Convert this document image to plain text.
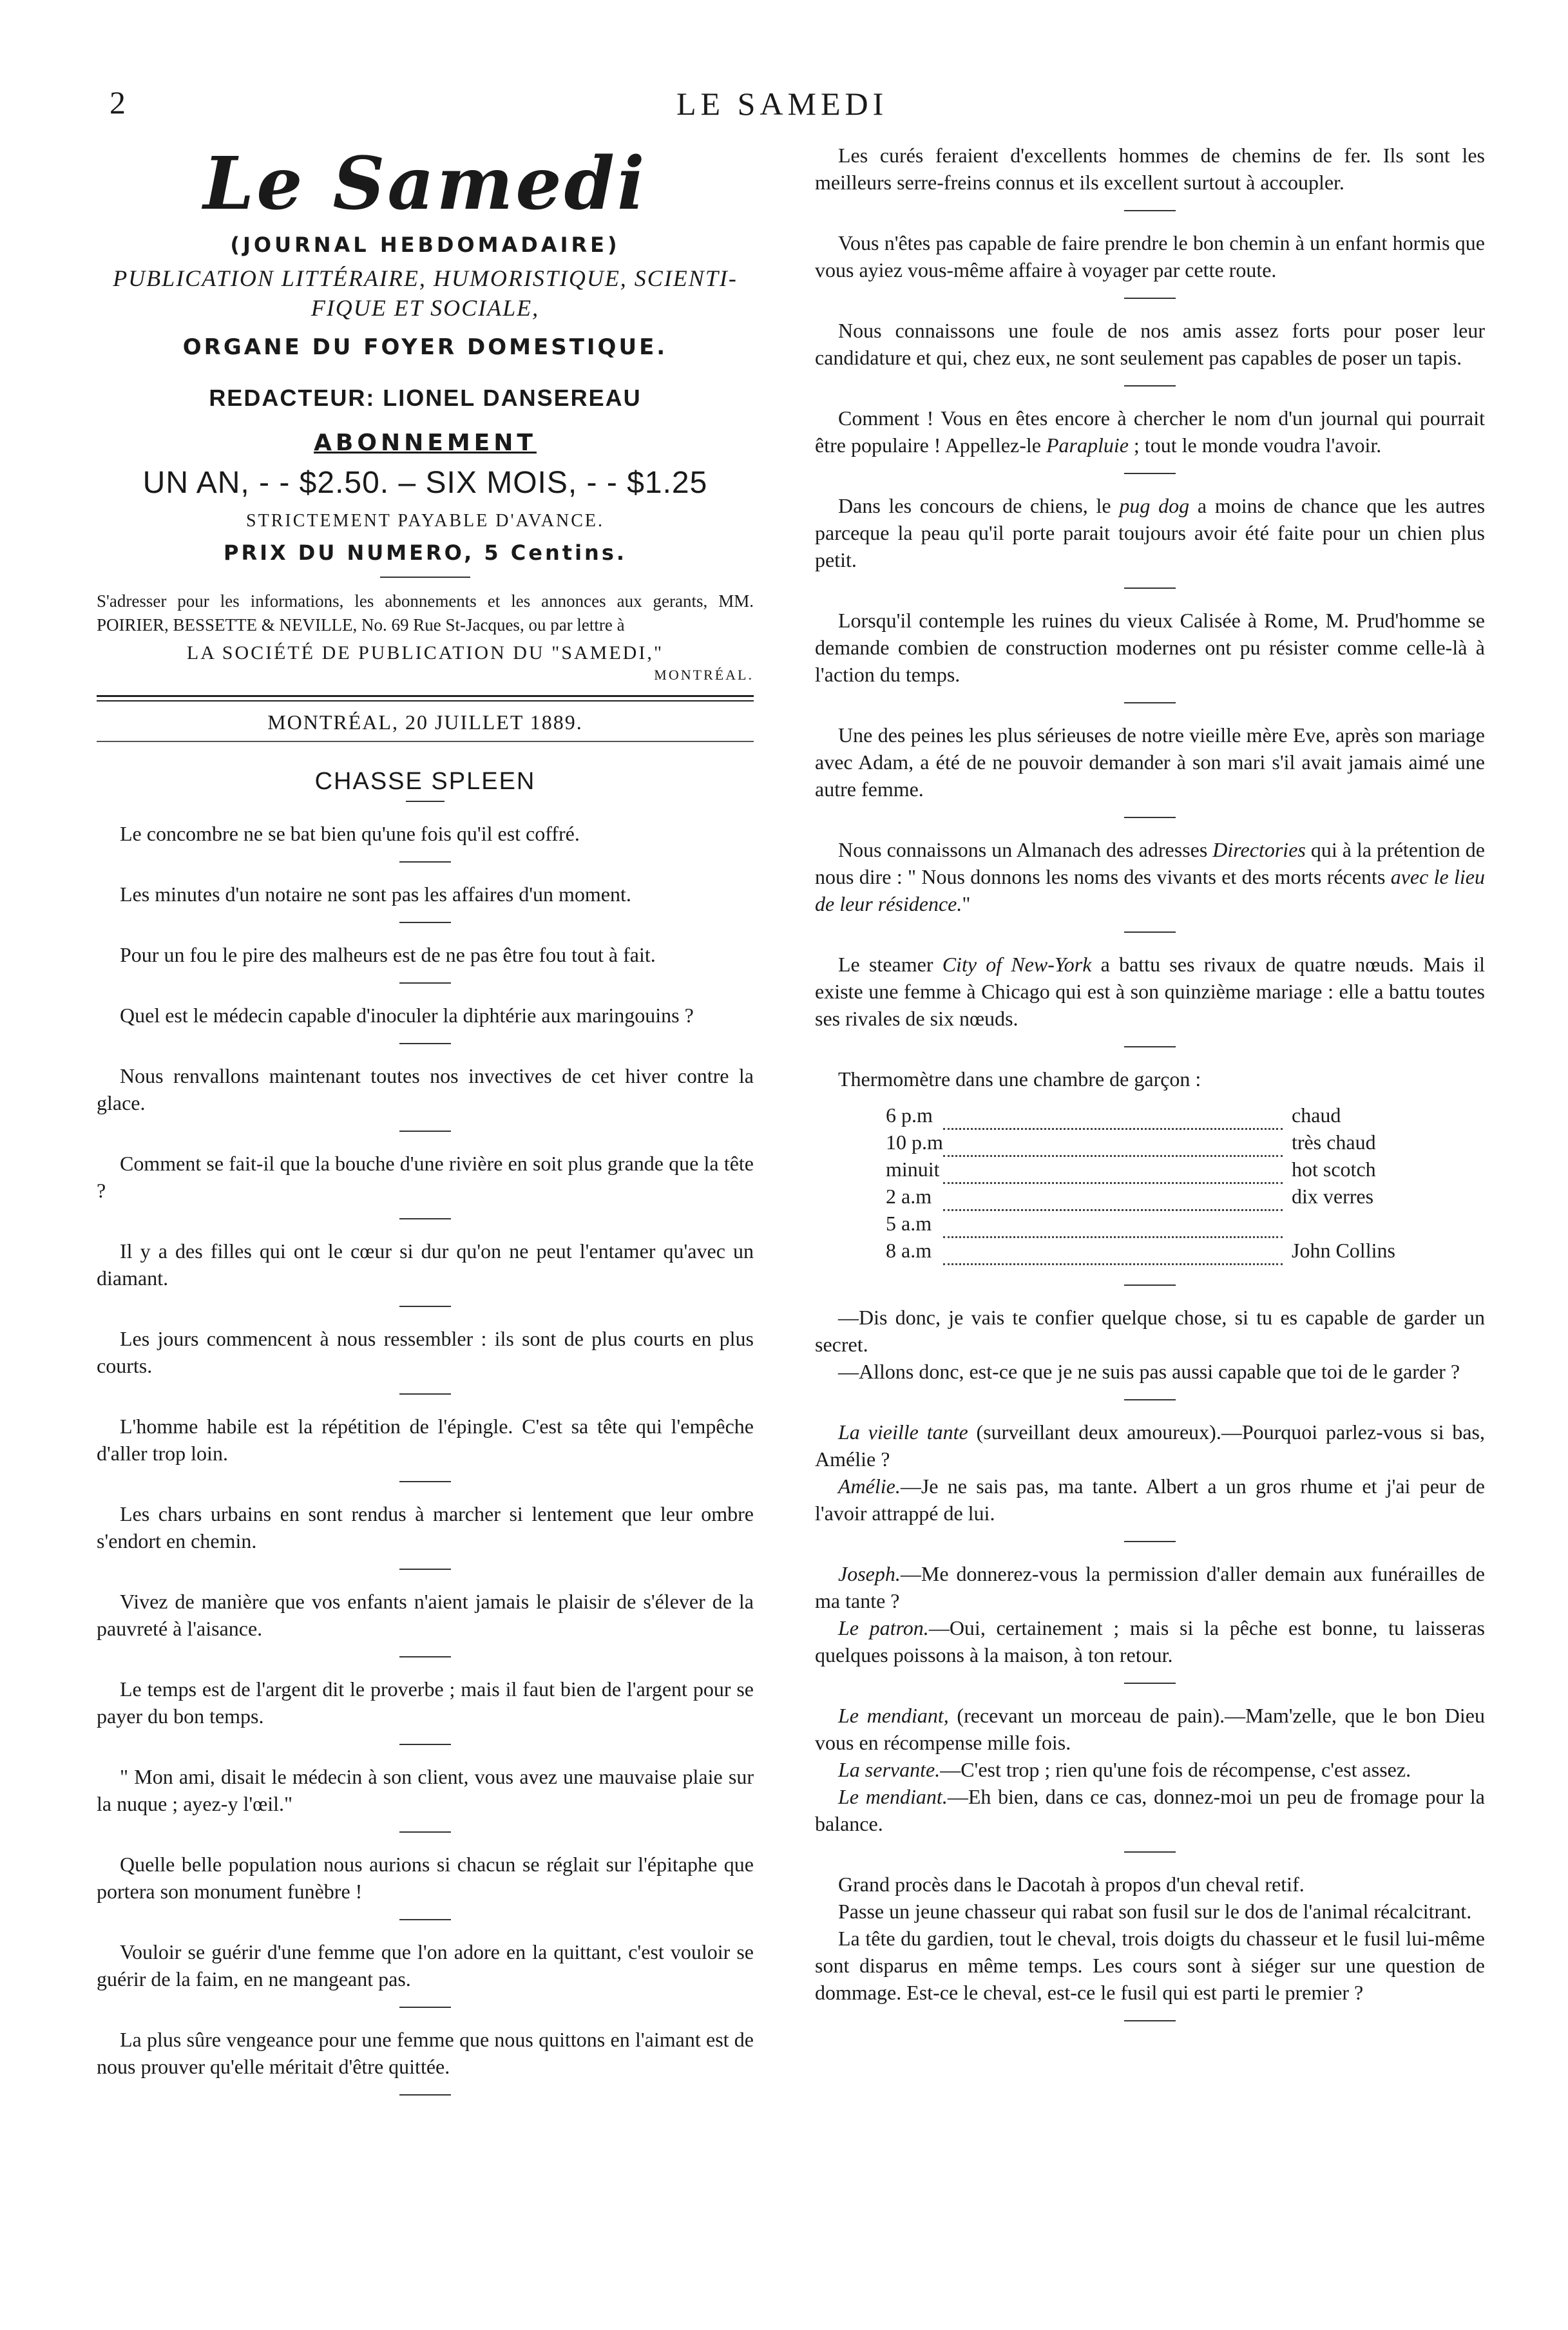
2	LE SAMEDI
Le Samedi
(JOURNAL HEBDOMADAIRE)
PUBLICATION LITTÉRAIRE, HUMORISTIQUE, SCIENTI-
FIQUE ET SOCIALE,
ORGANE DU FOYER DOMESTIQUE.
REDACTEUR: LIONEL DANSEREAU
ABONNEMENT
UN AN, - - $2.50. – SIX MOIS, - - $1.25
STRICTEMENT PAYABLE D'AVANCE.
PRIX DU NUMERO, 5 Centins.

S'adresser pour les informations, les abonnements et les annonces aux gerants, MM. POIRIER, BESSETTE & NEVILLE, No. 69 Rue St-Jacques, ou par lettre à

LA SOCIÉTÉ DE PUBLICATION DU "SAMEDI,"
MONTRÉAL.
MONTRÉAL, 20 JUILLET 1889.
CHASSE SPLEEN

Le concombre ne se bat bien qu'une fois qu'il est coffré.

Les minutes d'un notaire ne sont pas les affaires d'un moment.

Pour un fou le pire des malheurs est de ne pas être fou tout à fait.

Quel est le médecin capable d'inoculer la diphtérie aux maringouins ?

Nous renvallons maintenant toutes nos invectives de cet hiver contre la glace.

Comment se fait-il que la bouche d'une rivière en soit plus grande que la tête ?

Il y a des filles qui ont le cœur si dur qu'on ne peut l'entamer qu'avec un diamant.

Les jours commencent à nous ressembler : ils sont de plus courts en plus courts.

L'homme habile est la répétition de l'épingle. C'est sa tête qui l'empêche d'aller trop loin.

Les chars urbains en sont rendus à marcher si lentement que leur ombre s'endort en chemin.

Vivez de manière que vos enfants n'aient jamais le plaisir de s'élever de la pauvreté à l'aisance.

Le temps est de l'argent dit le proverbe ; mais il faut bien de l'argent pour se payer du bon temps.

" Mon ami, disait le médecin à son client, vous avez une mauvaise plaie sur la nuque ; ayez-y l'œil."

Quelle belle population nous aurions si chacun se réglait sur l'épitaphe que portera son monument funèbre !

Vouloir se guérir d'une femme que l'on adore en la quittant, c'est vouloir se guérir de la faim, en ne mangeant pas.

La plus sûre vengeance pour une femme que nous quittons en l'aimant est de nous prouver qu'elle méritait d'être quittée.

Les curés feraient d'excellents hommes de chemins de fer. Ils sont les meilleurs serre-freins connus et ils excellent surtout à accoupler.

Vous n'êtes pas capable de faire prendre le bon chemin à un enfant hormis que vous ayiez vous-même affaire à voyager par cette route.

Nous connaissons une foule de nos amis assez forts pour poser leur candidature et qui, chez eux, ne sont seulement pas capables de poser un tapis.

Comment ! Vous en êtes encore à chercher le nom d'un journal qui pourrait être populaire ! Appellez-le Parapluie ; tout le monde voudra l'avoir.

Dans les concours de chiens, le pug dog a moins de chance que les autres parceque la peau qu'il porte parait toujours avoir été faite pour un chien plus petit.

Lorsqu'il contemple les ruines du vieux Calisée à Rome, M. Prud'homme se demande combien de construction modernes ont pu résister comme celle-là à l'action du temps.

Une des peines les plus sérieuses de notre vieille mère Eve, après son mariage avec Adam, a été de ne pouvoir demander à son mari s'il avait jamais aimé une autre femme.

Nous connaissons un Almanach des adresses Directories qui à la prétention de nous dire : " Nous donnons les noms des vivants et des morts récents avec le lieu de leur résidence."

Le steamer City of New-York a battu ses rivaux de quatre nœuds. Mais il existe une femme à Chicago qui est à son quinzième mariage : elle a battu toutes ses rivales de six nœuds.

Thermomètre dans une chambre de garçon :

6 p.m		chaud
10 p.m		très chaud
minuit		hot scotch
2 a.m		dix verres
5 a.m		
8 a.m		John Collins

—Dis donc, je vais te confier quelque chose, si tu es capable de garder un secret.

—Allons donc, est-ce que je ne suis pas aussi capable que toi de le garder ?

La vieille tante (surveillant deux amoureux).—Pourquoi parlez-vous si bas, Amélie ?

Amélie.—Je ne sais pas, ma tante. Albert a un gros rhume et j'ai peur de l'avoir attrappé de lui.

Joseph.—Me donnerez-vous la permission d'aller demain aux funérailles de ma tante ?

Le patron.—Oui, certainement ; mais si la pêche est bonne, tu laisseras quelques poissons à la maison, à ton retour.

Le mendiant, (recevant un morceau de pain).—Mam'zelle, que le bon Dieu vous en récompense mille fois.

La servante.—C'est trop ; rien qu'une fois de récompense, c'est assez.

Le mendiant.—Eh bien, dans ce cas, donnez-moi un peu de fromage pour la balance.

Grand procès dans le Dacotah à propos d'un cheval retif.

Passe un jeune chasseur qui rabat son fusil sur le dos de l'animal récalcitrant.

La tête du gardien, tout le cheval, trois doigts du chasseur et le fusil lui-même sont disparus en même temps. Les cours sont à siéger sur une question de dommage. Est-ce le cheval, est-ce le fusil qui est parti le premier ?
